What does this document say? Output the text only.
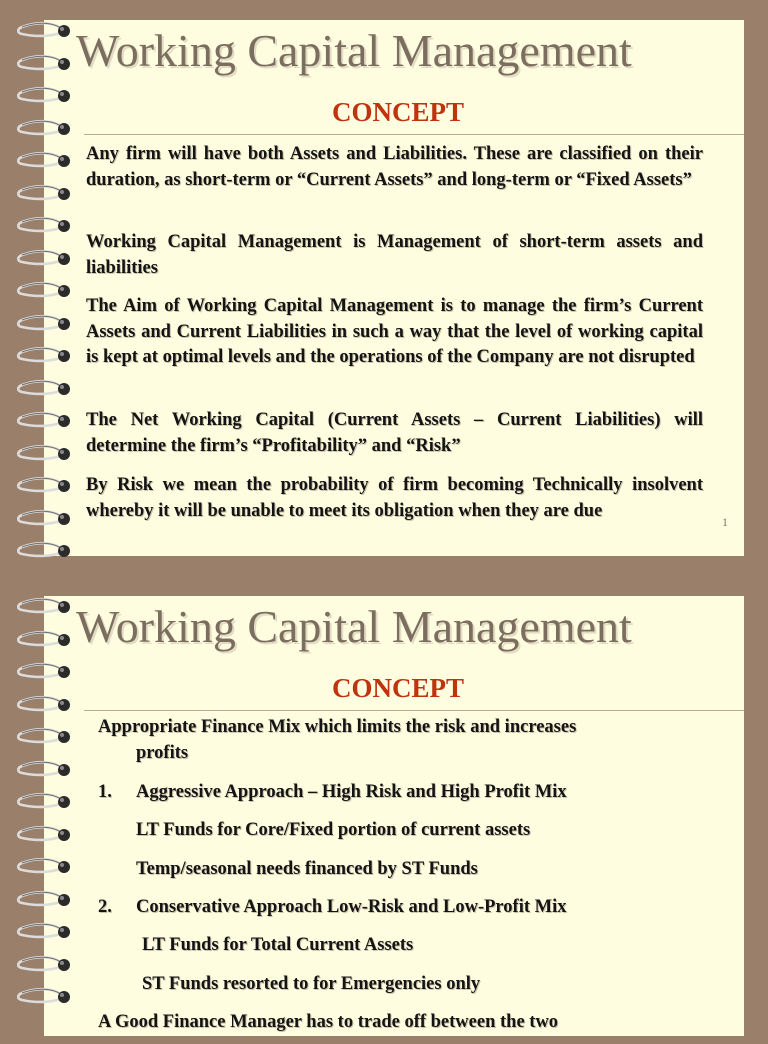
Working Capital Management
CONCEPT

Any firm will have both Assets and Liabilities. These are classified on their duration, as short-term or “Current Assets” and long-term or “Fixed Assets”

Working Capital Management is Management of short-term assets and liabilities

The Aim of Working Capital Management is to manage the firm’s Current Assets and Current Liabilities in such a way that the level of working capital is kept at optimal levels and the operations of the Company are not disrupted

The Net Working Capital (Current Assets – Current Liabilities) will determine the firm’s “Profitability” and “Risk”

By Risk we mean the probability of firm becoming Technically insolvent whereby it will be unable to meet its obligation when they are due

1
Working Capital Management
CONCEPT
Appropriate Finance Mix which limits the risk and increases
profits
1. Aggressive Approach – High Risk and High Profit Mix
LT Funds for Core/Fixed portion of current assets
Temp/seasonal needs financed by ST Funds
2. Conservative Approach Low-Risk and Low-Profit Mix
LT Funds for Total Current Assets
ST Funds resorted to for Emergencies only
A Good Finance Manager has to trade off between the two
